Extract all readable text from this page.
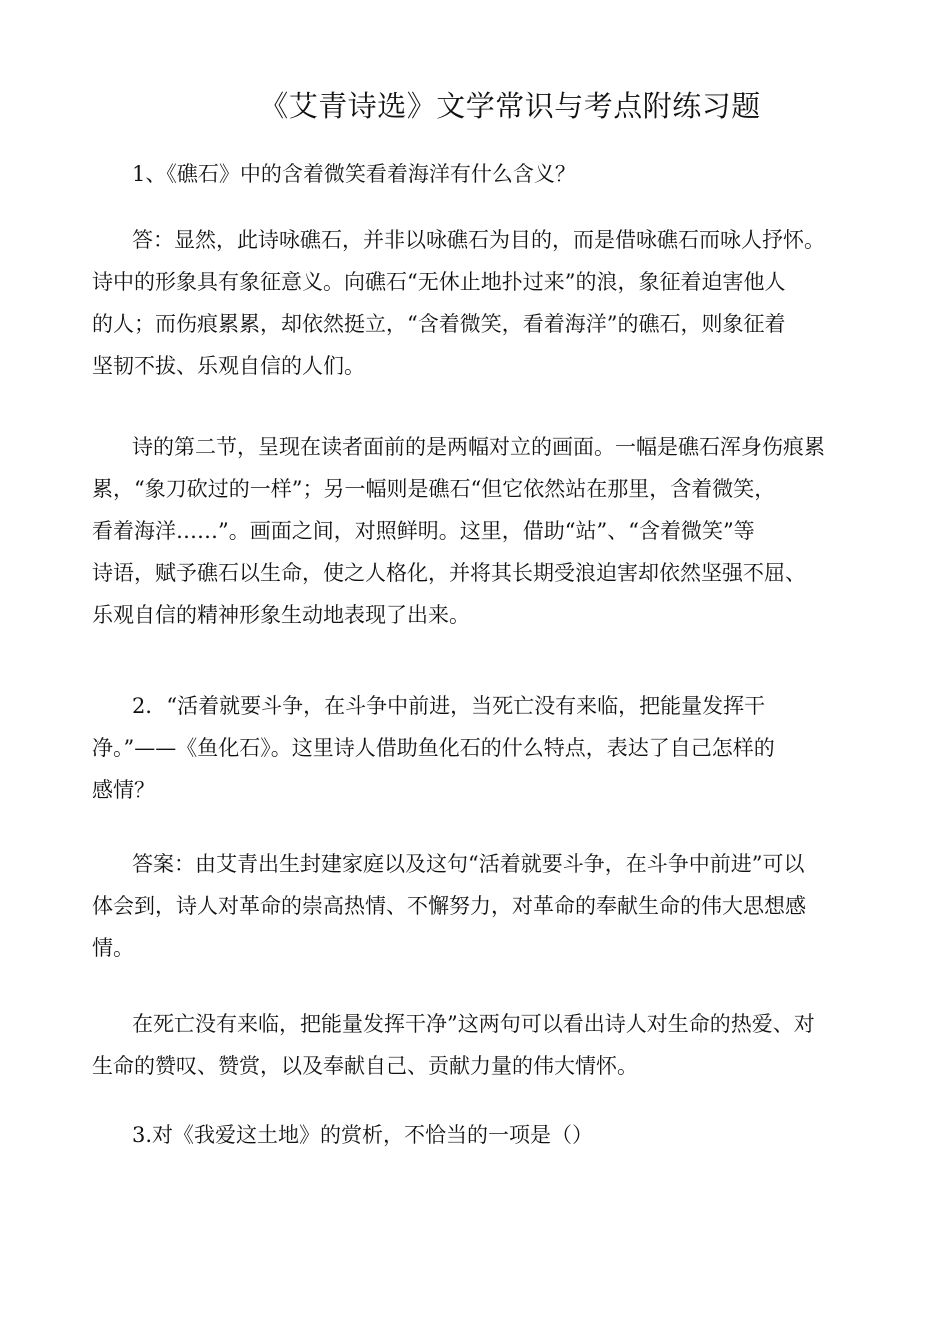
《艾青诗选》文学常识与考点附练习题
1、《礁石》中的含着微笑看着海洋有什么含义？
答：显然，此诗咏礁石，并非以咏礁石为目的，而是借咏礁石而咏人抒怀。
诗中的形象具有象征意义。向礁石“无休止地扑过来”的浪，象征着迫害他人
的人；而伤痕累累，却依然挺立，“含着微笑，看着海洋”的礁石，则象征着
坚韧不拔、乐观自信的人们。
诗的第二节，呈现在读者面前的是两幅对立的画面。一幅是礁石浑身伤痕累
累，“象刀砍过的一样”；另一幅则是礁石“但它依然站在那里，含着微笑，
看着海洋……”。画面之间，对照鲜明。这里，借助“站”、“含着微笑”等
诗语，赋予礁石以生命，使之人格化，并将其长期受浪迫害却依然坚强不屈、
乐观自信的精神形象生动地表现了出来。
2．“活着就要斗争，在斗争中前进，当死亡没有来临，把能量发挥干
净。”——《鱼化石》。这里诗人借助鱼化石的什么特点，表达了自己怎样的
感情？
答案：由艾青出生封建家庭以及这句“活着就要斗争，在斗争中前进”可以
体会到，诗人对革命的崇高热情、不懈努力，对革命的奉献生命的伟大思想感
情。
在死亡没有来临，把能量发挥干净”这两句可以看出诗人对生命的热爱、对
生命的赞叹、赞赏，以及奉献自己、贡献力量的伟大情怀。
3.对《我爱这土地》的赏析，不恰当的一项是（）
